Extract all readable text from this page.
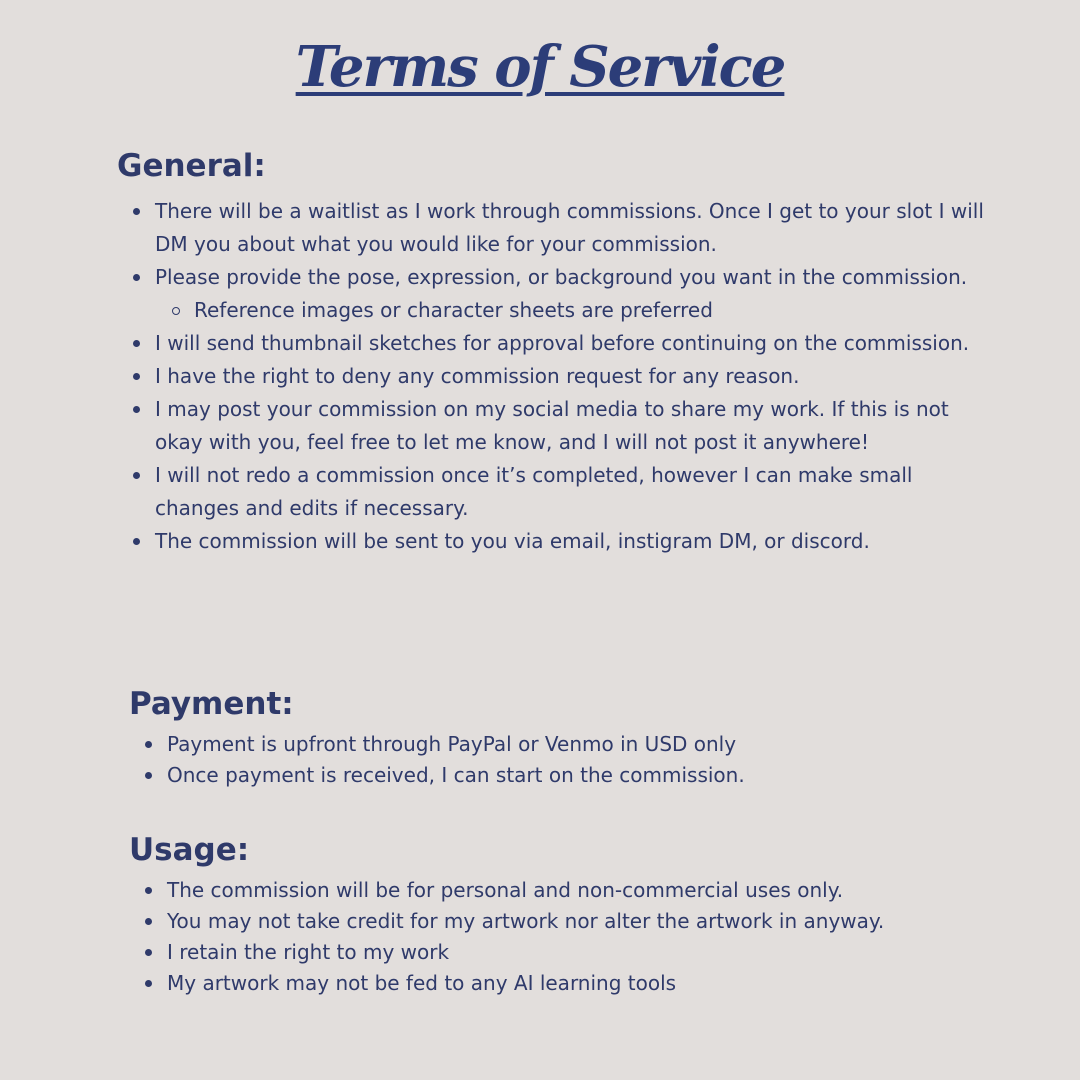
Terms of Service
General:
There will be a waitlist as I work through commissions. Once I get to your slot I will DM you about what you would like for your commission.
Please provide the pose, expression, or background you want in the commission.
Reference images or character sheets are preferred
I will send thumbnail sketches for approval before continuing on the commission.
I have the right to deny any commission request for any reason.
I may post your commission on my social media to share my work. If this is not okay with you, feel free to let me know, and I will not post it anywhere!
I will not redo a commission once it’s completed, however I can make small changes and edits if necessary.
The commission will be sent to you via email, instigram DM, or discord.
Payment:
Payment is upfront through PayPal or Venmo in USD only
Once payment is received, I can start on the commission.
Usage:
The commission will be for personal and non-commercial uses only.
You may not take credit for my artwork nor alter the artwork in anyway.
I retain the right to my work
My artwork may not be fed to any AI learning tools
